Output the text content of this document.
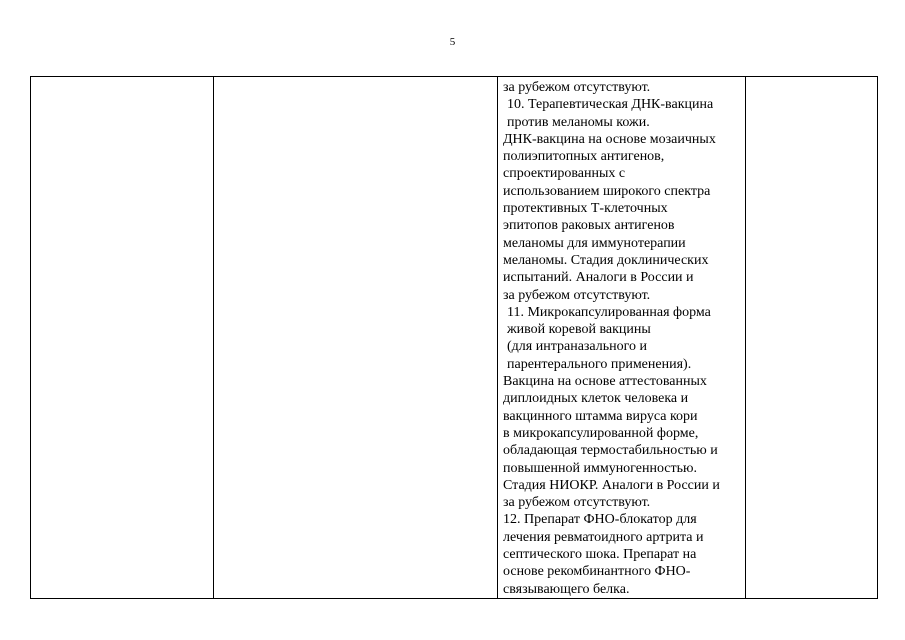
5

за рубежом отсутствуют.
10. Терапевтическая ДНК-вакцина
против меланомы кожи.
ДНК-вакцина на основе мозаичных
полиэпитопных антигенов,
спроектированных с
использованием широкого спектра
протективных Т-клеточных
эпитопов раковых антигенов
меланомы для иммунотерапии
меланомы. Стадия доклинических
испытаний. Аналоги в России и
за рубежом отсутствуют.
11. Микрокапсулированная форма
живой коревой вакцины
(для интраназального и
парентерального применения).
Вакцина на основе аттестованных
диплоидных клеток человека и
вакцинного штамма вируса кори
в микрокапсулированной форме,
обладающая термостабильностью и
повышенной иммуногенностью.
Стадия НИОКР. Аналоги в России и
за рубежом отсутствуют.
12. Препарат ФНО-блокатор для
лечения ревматоидного артрита и
септического шока. Препарат на
основе рекомбинантного ФНО-
связывающего белка.
